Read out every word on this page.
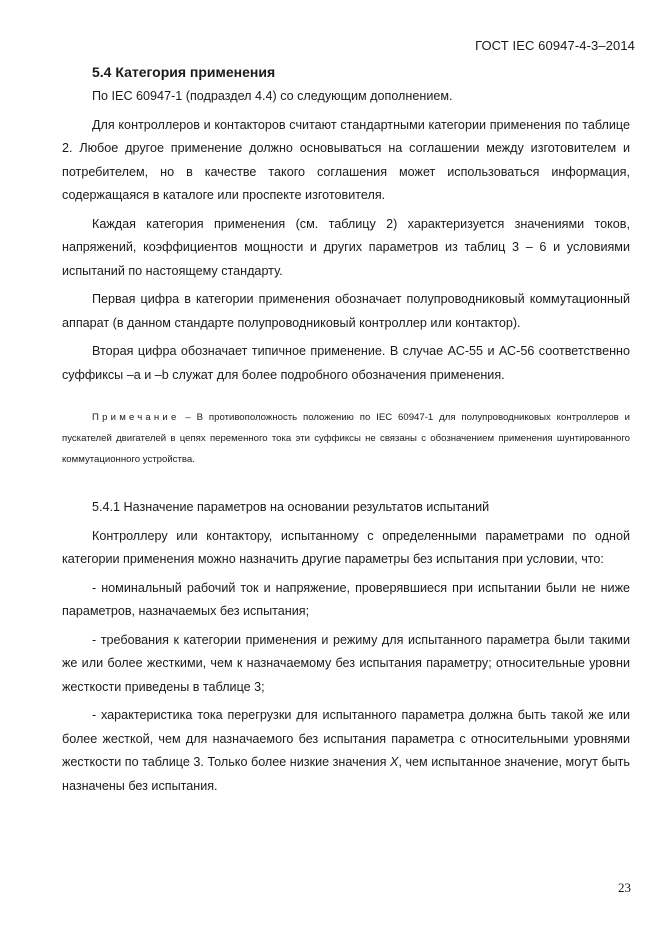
ГОСТ IEC 60947-4-3–2014
5.4 Категория применения

По IEC 60947-1 (подраздел 4.4) со следующим дополнением.

Для контроллеров и контакторов считают стандартными категории применения по таблице 2. Любое другое применение должно основываться на соглашении между изготовителем и потребителем, но в качестве такого соглашения может использоваться информация, содержащаяся в каталоге или проспекте изготовителя.

Каждая категория применения (см. таблицу 2) характеризуется значениями токов, напряжений, коэффициентов мощности и других параметров из таблиц 3 – 6 и условиями испытаний по настоящему стандарту.

Первая цифра в категории применения обозначает полупроводниковый коммутационный аппарат (в данном стандарте полупроводниковый контроллер или контактор).

Вторая цифра обозначает типичное применение. В случае АС-55 и АС-56 соответственно суффиксы –а и –b служат для более подробного обозначения применения.

Примечание – В противоположность положению по IEC 60947-1 для полупроводниковых контроллеров и пускателей двигателей в цепях переменного тока эти суффиксы не связаны с обозначением применения шунтированного коммутационного устройства.

5.4.1 Назначение параметров на основании результатов испытаний

Контроллеру или контактору, испытанному с определенными параметрами по одной категории применения можно назначить другие параметры без испытания при условии, что:

- номинальный рабочий ток и напряжение, проверявшиеся при испытании были не ниже параметров, назначаемых без испытания;

- требования к категории применения и режиму для испытанного параметра были такими же или более жесткими, чем к назначаемому без испытания параметру; относительные уровни жесткости приведены в таблице 3;

- характеристика тока перегрузки для испытанного параметра должна быть такой же или более жесткой, чем для назначаемого без испытания параметра с относительными уровнями жесткости по таблице 3. Только более низкие значения X, чем испытанное значение, могут быть назначены без испытания.

23
